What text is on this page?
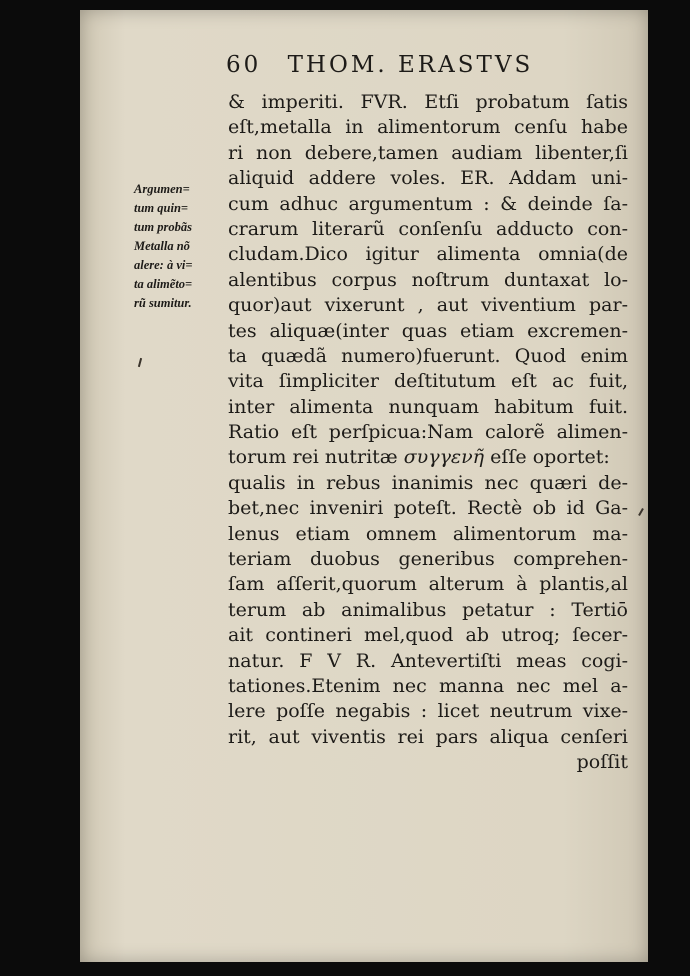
60 THOM. ERASTVS
Argumen=
tum quin=
tum probãs
Metalla nõ
alere: à vi=
ta alimẽto=
rũ sumitur.
& imperiti. FVR. Etſi probatum ſatis
eſt,metalla in alimentorum cenſu habe
ri non debere,tamen audiam libenter,ſi
aliquid addere voles. ER. Addam uni-
cum adhuc argumentum : & deinde ſa-
crarum literarũ conſenſu adducto con-
cludam.Dico igitur alimenta omnia(de
alentibus corpus noſtrum duntaxat lo-
quor)aut vixerunt , aut viventium par-
tes aliquæ(inter quas etiam excremen-
ta quædã numero)fuerunt. Quod enim
vita ſimpliciter deſtitutum eſt ac fuit,
inter alimenta nunquam habitum fuit.
Ratio eſt perſpicua:Nam calorẽ alimen-
torum rei nutritæ συγγενῆ eſſe oportet:
qualis in rebus inanimis nec quæri de-
bet,nec inveniri poteſt. Rectè ob id Ga-
lenus etiam omnem alimentorum ma-
teriam duobus generibus comprehen-
ſam aſſerit,quorum alterum à plantis,al
terum ab animalibus petatur : Tertiō
ait contineri mel,quod ab utroq; ſecer-
natur. F V R. Antevertiſti meas cogi-
tationes.Etenim nec manna nec mel a-
lere poſſe negabis : licet neutrum vixe-
rit, aut viventis rei pars aliqua cenſeri
poſſit
